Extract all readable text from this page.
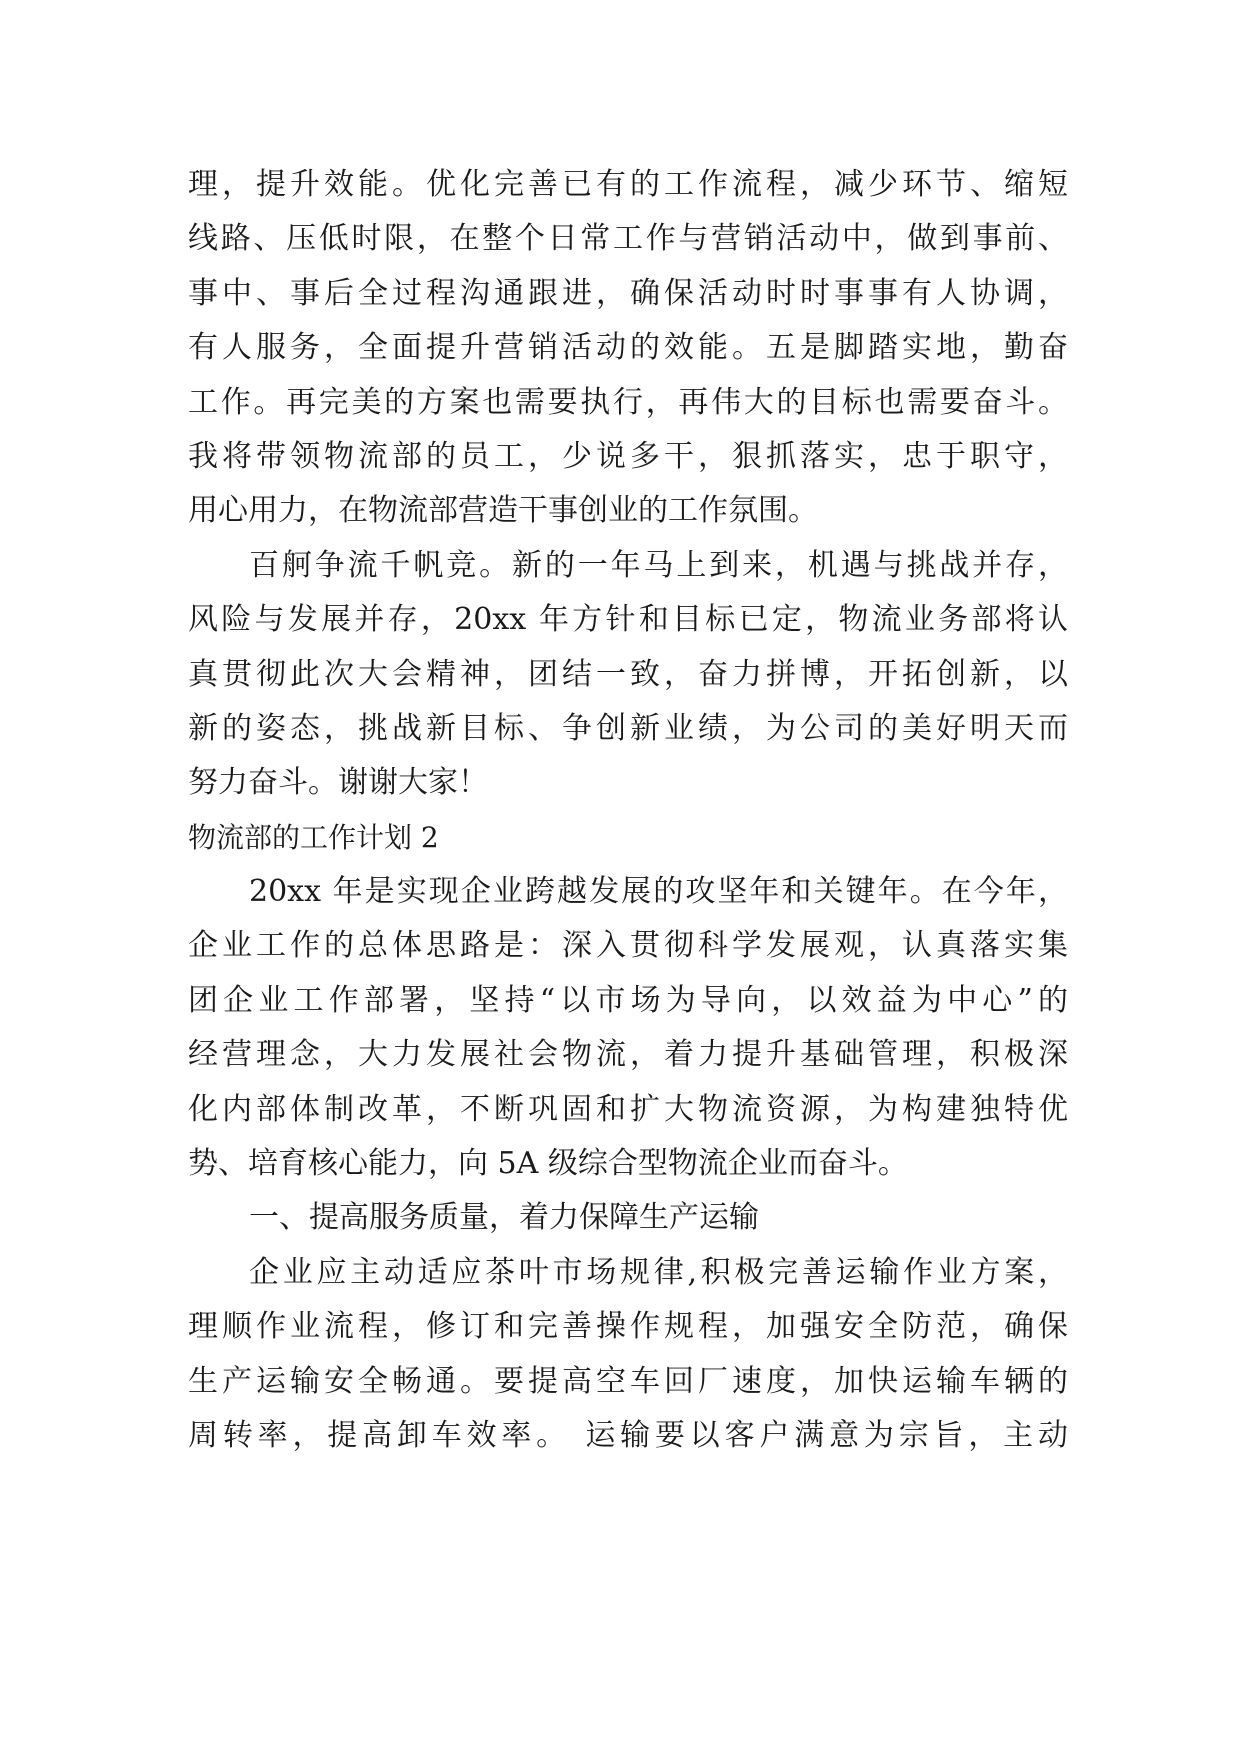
理，提升效能。优化完善已有的工作流程，减少环节、缩短
线路、压低时限，在整个日常工作与营销活动中，做到事前、
事中、事后全过程沟通跟进，确保活动时时事事有人协调，
有人服务，全面提升营销活动的效能。五是脚踏实地，勤奋
工作。再完美的方案也需要执行，再伟大的目标也需要奋斗。
我将带领物流部的员工，少说多干，狠抓落实，忠于职守，
用心用力，在物流部营造干事创业的工作氛围。
百舸争流千帆竞。新的一年马上到来，机遇与挑战并存，
风险与发展并存，20xx 年方针和目标已定，物流业务部将认
真贯彻此次大会精神，团结一致，奋力拼博，开拓创新，以
新的姿态，挑战新目标、争创新业绩，为公司的美好明天而
努力奋斗。谢谢大家！
物流部的工作计划 2
20xx 年是实现企业跨越发展的攻坚年和关键年。在今年，
企业工作的总体思路是：深入贯彻科学发展观，认真落实集
团企业工作部署，坚持“以市场为导向，以效益为中心”的
经营理念，大力发展社会物流，着力提升基础管理，积极深
化内部体制改革，不断巩固和扩大物流资源，为构建独特优
势、培育核心能力，向 5A 级综合型物流企业而奋斗。
一、提高服务质量，着力保障生产运输
企业应主动适应茶叶市场规律,积极完善运输作业方案，
理顺作业流程，修订和完善操作规程，加强安全防范，确保
生产运输安全畅通。要提高空车回厂速度，加快运输车辆的
周转率，提高卸车效率。 运输要以客户满意为宗旨，主动
